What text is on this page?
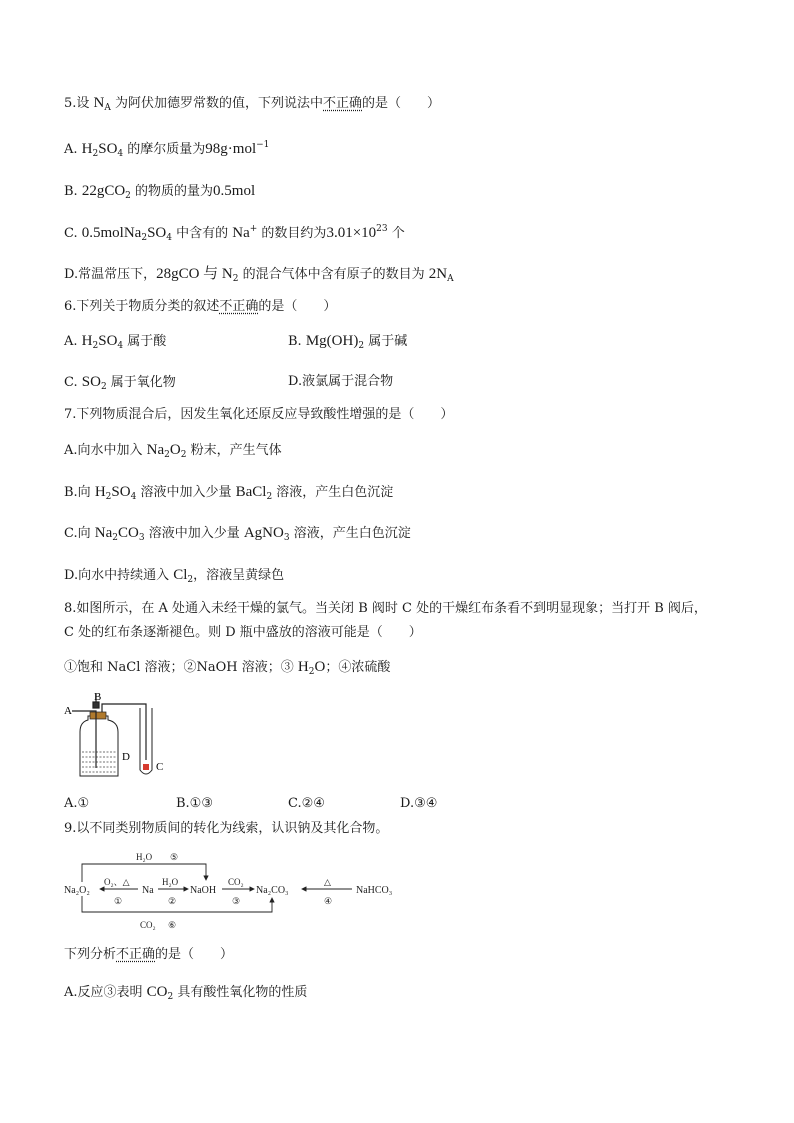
5.设 $N_A$ 为阿伏加德罗常数的值，下列说法中不正确的是（　　）
A. $H_2SO_4$ 的摩尔质量为98g·mol$^{-1}$
B. 22gCO$_2$ 的物质的量为0.5mol
C. $0.5molNa_2SO_4$ 中含有的 Na+ 的数目约为$3.01\times 10^{23}$ 个
D.常温常压下，28gCO 与 $N_2$ 的混合气体中含有原子的数目为 $2N_A$
6.下列关于物质分类的叙述不正确的是（　　）
A. $H_2SO_4$ 属于酸	B. $Mg(OH)_2$ 属于碱
C. $SO_2$ 属于氧化物	D.液氯属于混合物
7.下列物质混合后，因发生氧化还原反应导致酸性增强的是（　　）
A.向水中加入 $Na_2O_2$ 粉末，产生气体
B.向 $H_2SO_4$ 溶液中加入少量 BaCl$_2$ 溶液，产生白色沉淀
C.向 $Na_2CO_3$ 溶液中加入少量 AgNO$_3$ 溶液，产生白色沉淀
D.向水中持续通入 $Cl_2$，溶液呈黄绿色
8.如图所示，在 A 处通入未经干燥的氯气。当关闭 B 阀时 C 处的干燥红布条看不到明显现象；当打开 B 阀后，
C 处的红布条逐渐褪色。则 D 瓶中盛放的溶液可能是（　　）
①饱和 NaCl 溶液；②NaOH 溶液；③ $H_2O$；④浓硫酸
A
B
D
C
A.①	B.①③	C.②④	D.③④
9.以不同类别物质间的转化为线索，认识钠及其化合物。
Na₂O₂	Na	NaOH	Na₂CO₃	NaHCO₃
O₂、△
①
H₂O
②
CO₂
③
△
④
H₂O ⑤
CO₂ ⑥
下列分析不正确的是（　　）
A.反应③表明 $CO_2$ 具有酸性氧化物的性质
